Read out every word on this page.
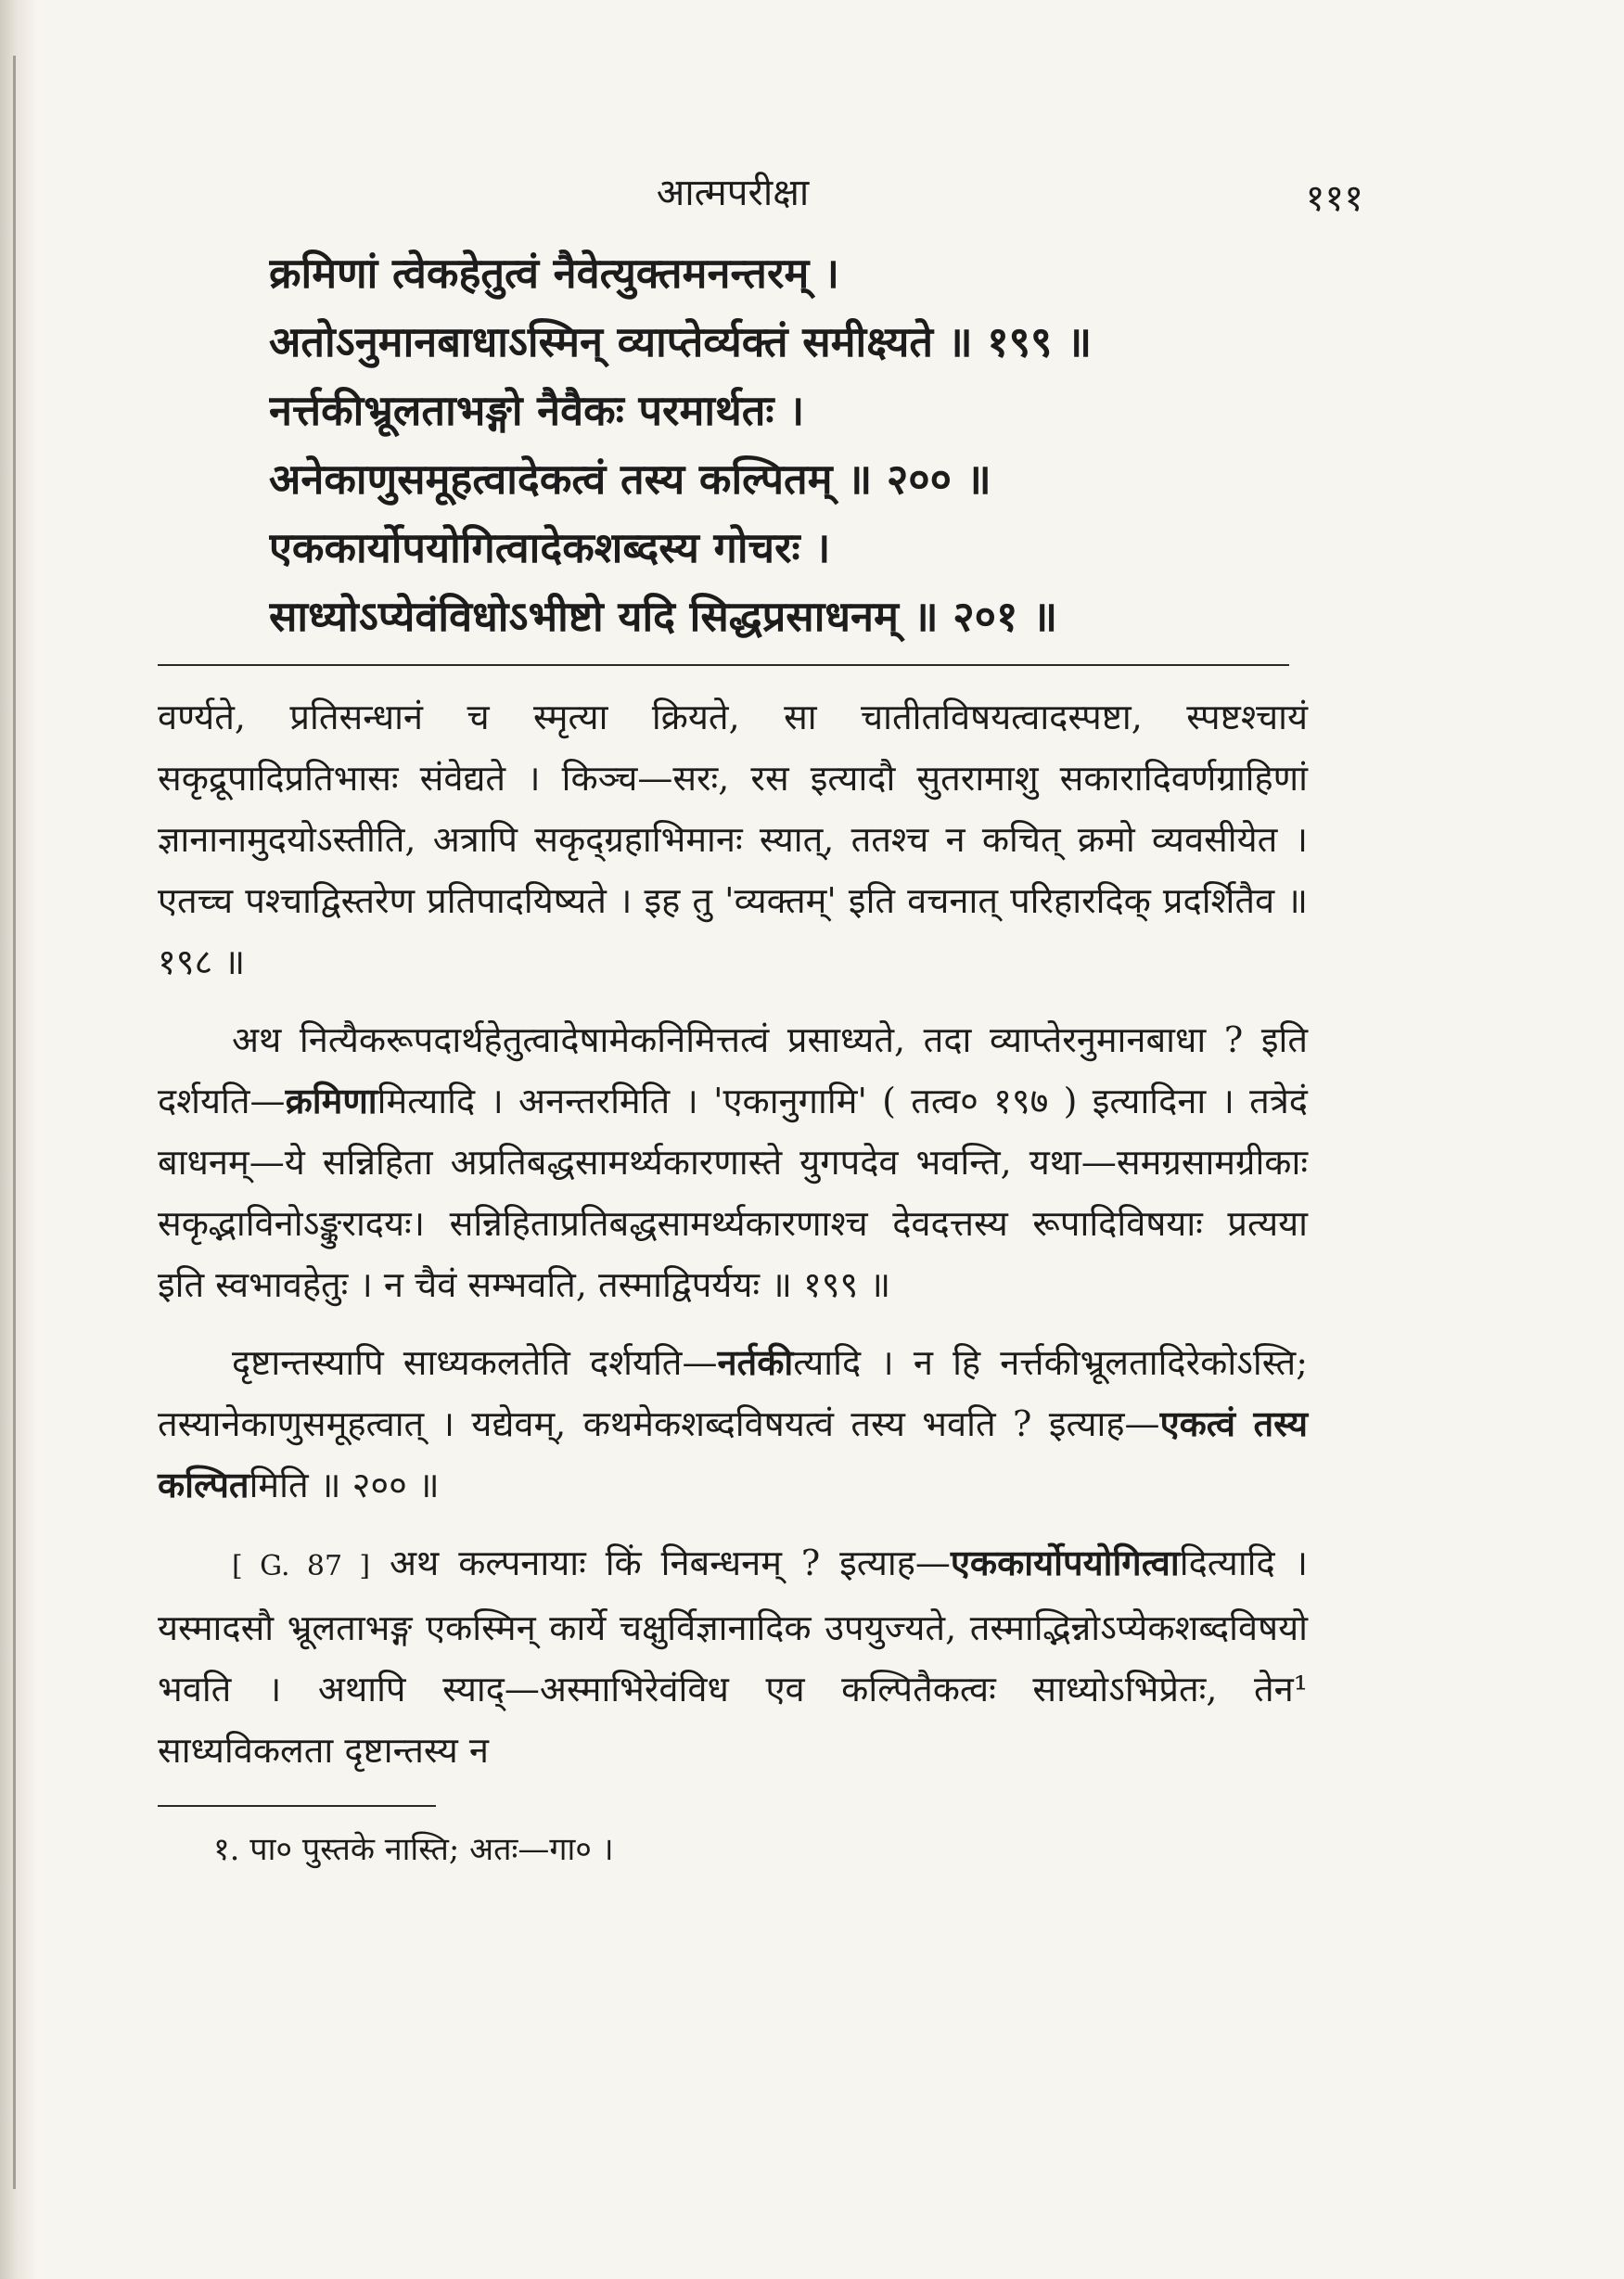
आत्मपरीक्षा	१११
क्रमिणां त्वेकहेतुत्वं नैवेत्युक्तमनन्तरम् ।
अतोऽनुमानबाधाऽस्मिन् व्याप्तेर्व्यक्तं समीक्ष्यते ॥ १९९ ॥
नर्त्तकीभ्रूलताभङ्गो नैवैकः परमार्थतः ।
अनेकाणुसमूहत्वादेकत्वं तस्य कल्पितम् ॥ २०० ॥
एककार्योपयोगित्वादेकशब्दस्य गोचरः ।
साध्योऽप्येवंविधोऽभीष्टो यदि सिद्धप्रसाधनम् ॥ २०१ ॥

वर्ण्यते, प्रतिसन्धानं च स्मृत्या क्रियते, सा चातीतविषयत्वादस्पष्टा, स्पष्टश्चायं सकृद्रूपादिप्रतिभासः संवेद्यते । किञ्च—सरः, रस इत्यादौ सुतरामाशु सकारादिवर्णग्राहिणां ज्ञानानामुदयोऽस्तीति, अत्रापि सकृद्ग्रहाभिमानः स्यात्, ततश्च न कचित् क्रमो व्यवसीयेत । एतच्च पश्चाद्विस्तरेण प्रतिपादयिष्यते । इह तु 'व्यक्तम्' इति वचनात् परिहारदिक् प्रदर्शितैव ॥ १९८ ॥

अथ नित्यैकरूपदार्थहेतुत्वादेषामेकनिमित्तत्वं प्रसाध्यते, तदा व्याप्तेरनुमानबाधा ? इति दर्शयति—क्रमिणामित्यादि । अनन्तरमिति । 'एकानुगामि' ( तत्व० १९७ ) इत्यादिना । तत्रेदं बाधनम्—ये सन्निहिता अप्रतिबद्धसामर्थ्यकारणास्ते युगपदेव भवन्ति, यथा—समग्रसामग्रीकाः सकृद्भाविनोऽङ्कुरादयः। सन्निहिताप्रतिबद्धसामर्थ्यकारणाश्च देवदत्तस्य रूपादिविषयाः प्रत्यया इति स्वभावहेतुः । न चैवं सम्भवति, तस्माद्विपर्ययः ॥ १९९ ॥

दृष्टान्तस्यापि साध्यकलतेति दर्शयति—नर्तकीत्यादि । न हि नर्त्तकीभ्रूलतादिरेकोऽस्ति; तस्यानेकाणुसमूहत्वात् । यद्येवम्, कथमेकशब्दविषयत्वं तस्य भवति ? इत्याह—एकत्वं तस्य कल्पितमिति ॥ २०० ॥

[ G. 87 ] अथ कल्पनायाः किं निबन्धनम् ? इत्याह—एककार्योपयोगित्वादित्यादि । यस्मादसौ भ्रूलताभङ्ग एकस्मिन् कार्ये चक्षुर्विज्ञानादिक उपयुज्यते, तस्माद्भिन्नोऽप्येकशब्दविषयो भवति । अथापि स्याद्—अस्माभिरेवंविध एव कल्पितैकत्वः साध्योऽभिप्रेतः, तेन¹ साध्यविकलता दृष्टान्तस्य न

१. पा० पुस्तके नास्ति; अतः—गा० ।
